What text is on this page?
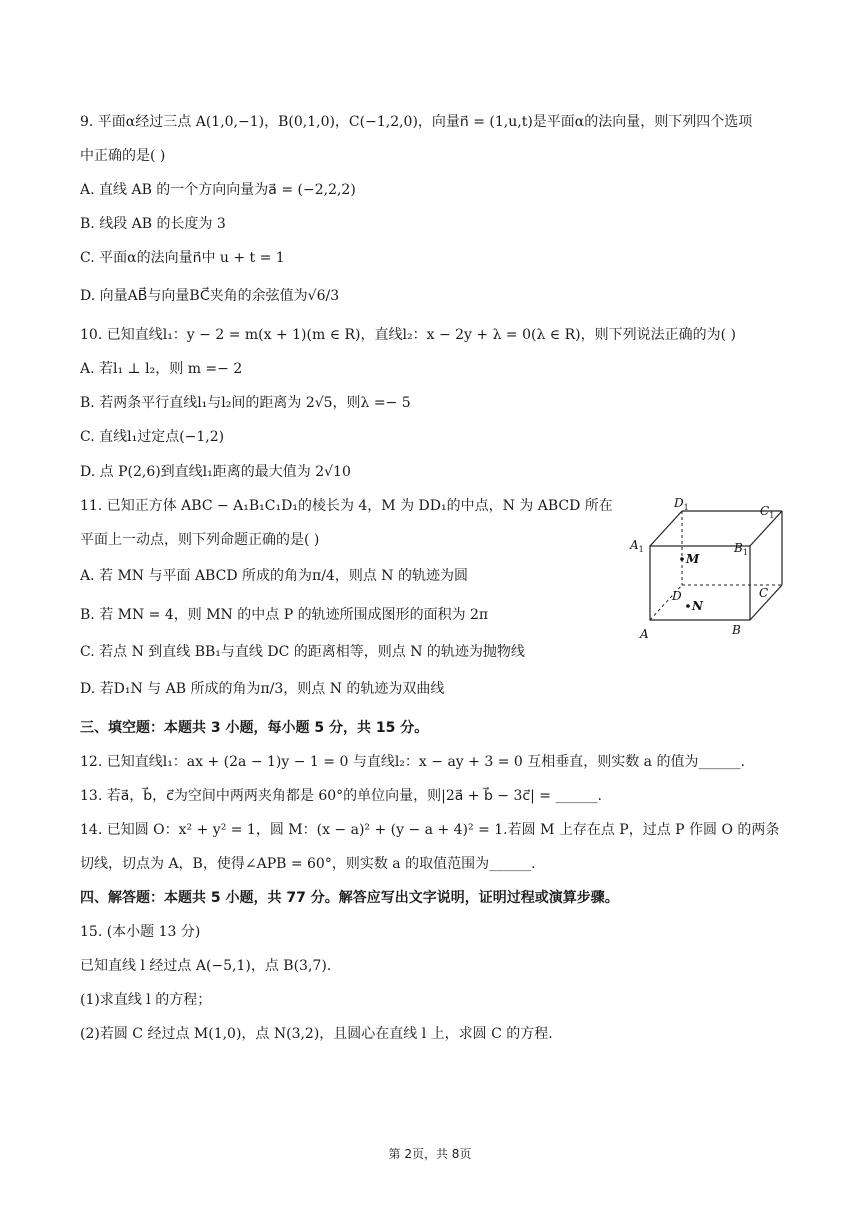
9. 平面α经过三点 A(1,0,−1)，B(0,1,0)，C(−1,2,0)，向量n⃗ = (1,u,t)是平面α的法向量，则下列四个选项
中正确的是( )
A. 直线 AB 的一个方向向量为a⃗ = (−2,2,2)
B. 线段 AB 的长度为 3
C. 平面α的法向量n⃗中 u + t = 1
D. 向量AB⃗与向量BC⃗夹角的余弦值为√6/3
10. 已知直线l₁：y − 2 = m(x + 1)(m ∈ R)，直线l₂：x − 2y + λ = 0(λ ∈ R)，则下列说法正确的为( )
A. 若l₁ ⊥ l₂，则 m =− 2
B. 若两条平行直线l₁与l₂间的距离为 2√5，则λ =− 5
C. 直线l₁过定点(−1,2)
D. 点 P(2,6)到直线l₁距离的最大值为 2√10
11. 已知正方体 ABC − A₁B₁C₁D₁的棱长为 4，M 为 DD₁的中点，N 为 ABCD 所在
平面上一动点，则下列命题正确的是( )
A. 若 MN 与平面 ABCD 所成的角为π/4，则点 N 的轨迹为圆
B. 若 MN = 4，则 MN 的中点 P 的轨迹所围成图形的面积为 2π
C. 若点 N 到直线 BB₁与直线 DC 的距离相等，则点 N 的轨迹为抛物线
D. 若D₁N 与 AB 所成的角为π/3，则点 N 的轨迹为双曲线
$D_1$	$C_1$
$A_1$	$B_1$
M
D
N
C
A	B
三、填空题：本题共 3 小题，每小题 5 分，共 15 分。
12. 已知直线l₁：ax + (2a − 1)y − 1 = 0 与直线l₂：x − ay + 3 = 0 互相垂直，则实数 a 的值为______.
13. 若a⃗，b⃗，c⃗为空间中两两夹角都是 60°的单位向量，则|2a⃗ + b⃗ − 3c⃗| = ______.
14. 已知圆 O：x² + y² = 1，圆 M：(x − a)² + (y − a + 4)² = 1.若圆 M 上存在点 P，过点 P 作圆 O 的两条
切线，切点为 A，B，使得∠APB = 60°，则实数 a 的取值范围为______.
四、解答题：本题共 5 小题，共 77 分。解答应写出文字说明，证明过程或演算步骤。
15. (本小题 13 分)
已知直线 l 经过点 A(−5,1)，点 B(3,7).
(1)求直线 l 的方程；
(2)若圆 C 经过点 M(1,0)，点 N(3,2)，且圆心在直线 l 上，求圆 C 的方程.
第 2页，共 8页
